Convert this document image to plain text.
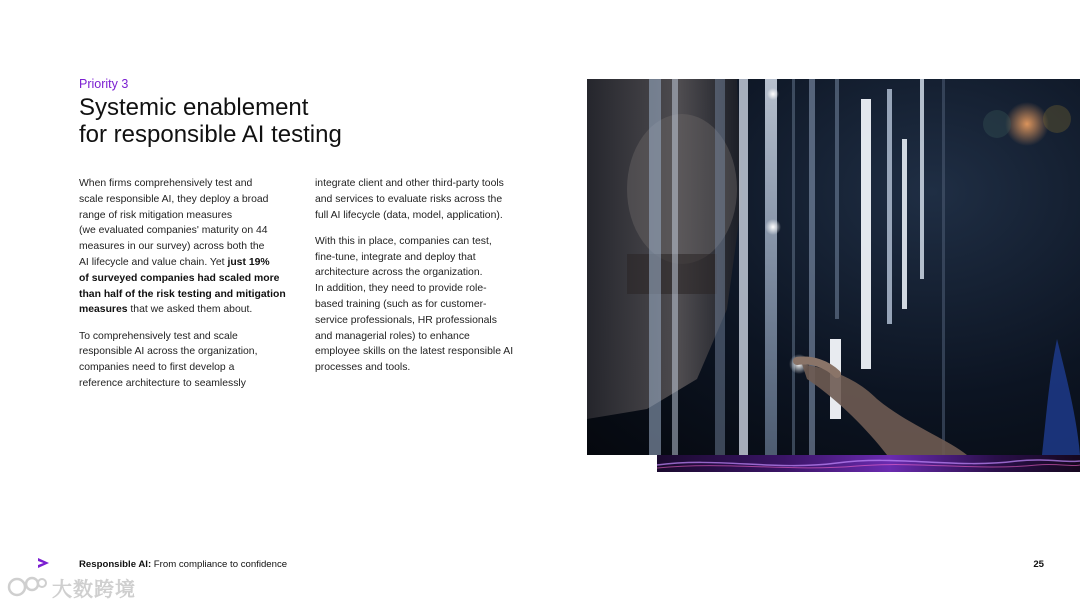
Priority 3
Systemic enablement
for responsible AI testing

When firms comprehensively test and
scale responsible AI, they deploy a broad
range of risk mitigation measures
(we evaluated companies' maturity on 44
measures in our survey) across both the
AI lifecycle and value chain. Yet just 19%
of surveyed companies had scaled more
than half of the risk testing and mitigation
measures that we asked them about.

To comprehensively test and scale
responsible AI across the organization,
companies need to first develop a
reference architecture to seamlessly

integrate client and other third-party tools
and services to evaluate risks across the
full AI lifecycle (data, model, application).

With this in place, companies can test,
fine-tune, integrate and deploy that
architecture across the organization.
In addition, they need to provide role-
based training (such as for customer-
service professionals, HR professionals
and managerial roles) to enhance
employee skills on the latest responsible AI
processes and tools.

Responsible AI: From compliance to confidence	25
大数跨境
